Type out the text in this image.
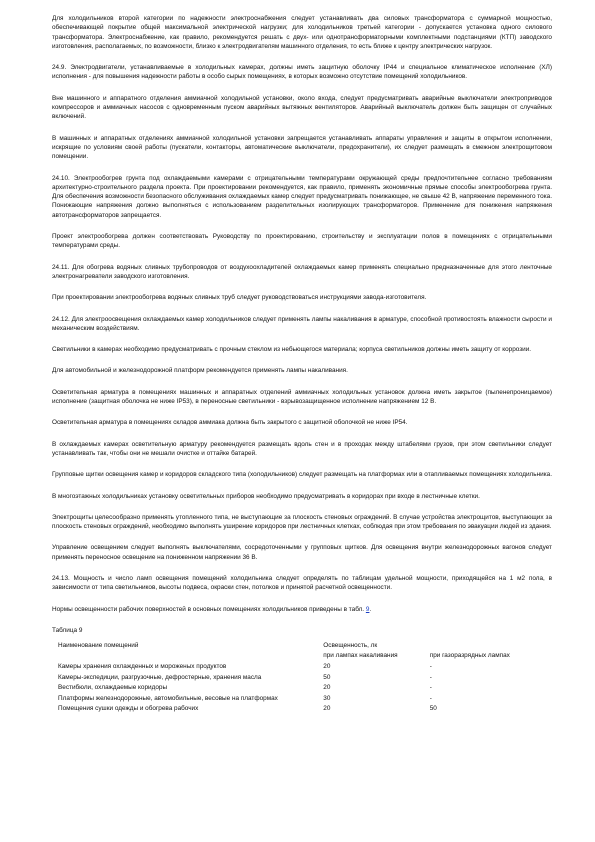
Для холодильников второй категории по надежности электроснабжения следует устанавливать два силовых трансформатора с суммарной мощностью, обеспечивающей покрытие общей максимальной электрической нагрузки; для холодильников третьей категории - допускается установка одного силового трансформатора. Электроснабжение, как правило, рекомендуется решать с двух- или однотрансформаторными комплектными подстанциями (КТП) заводского изготовления, располагаемых, по возможности, близко к электродвигателям машинного отделения, то есть ближе к центру электрических нагрузок.

24.9. Электродвигатели, устанавливаемые в холодильных камерах, должны иметь защитную оболочку IP44 и специальное климатическое исполнение (ХЛ) исполнения - для повышения надежности работы в особо сырых помещениях, в которых возможно отсутствие помещений холодильников.

Вне машинного и аппаратного отделения аммиачной холодильной установки, около входа, следует предусматривать аварийные выключатели электроприводов компрессоров и аммиачных насосов с одновременным пуском аварийных вытяжных вентиляторов. Аварийный выключатель должен быть защищен от случайных включений.

В машинных и аппаратных отделениях аммиачной холодильной установки запрещается устанавливать аппараты управления и защиты в открытом исполнении, искрящие по условиям своей работы (пускатели, контакторы, автоматические выключатели, предохранители), их следует размещать в смежном электрощитовом помещении.

24.10. Электрообогрев грунта под охлаждаемыми камерами с отрицательными температурами окружающей среды предпочтительнее согласно требованиям архитектурно-строительного раздела проекта. При проектировании рекомендуется, как правило, применять экономичные прямые способы электрообогрева грунта. Для обеспечения возможности безопасного обслуживания охлаждаемых камер следует предусматривать понижающее, не свыше 42 В, напряжение переменного тока. Понижающие напряжения должно выполняться с использованием разделительных изолирующих трансформаторов. Применение для понижения напряжения автотрансформаторов запрещается.

Проект электрообогрева должен соответствовать Руководству по проектированию, строительству и эксплуатации полов в помещениях с отрицательными температурами среды.

24.11. Для обогрева водяных сливных трубопроводов от воздухоохладителей охлаждаемых камер применять специально предназначенные для этого ленточные электронагреватели заводского изготовления.

При проектировании электрообогрева водяных сливных труб следует руководствоваться инструкциями завода-изготовителя.

24.12. Для электроосвещения охлаждаемых камер холодильников следует применять лампы накаливания в арматуре, способной противостоять влажности сырости и механическим воздействиям.

Светильники в камерах необходимо предусматривать с прочным стеклом из небьющегося материала; корпуса светильников должны иметь защиту от коррозии.

Для автомобильной и железнодорожной платформ рекомендуется применять лампы накаливания.

Осветительная арматура в помещениях машинных и аппаратных отделений аммиачных холодильных установок должна иметь закрытое (пыленепроницаемое) исполнение (защитная оболочка не ниже IP53), в переносные светильники - взрывозащищенное исполнение напряжением 12 В.

Осветительная арматура в помещениях складов аммиака должна быть закрытого с защитной оболочкой не ниже IP54.

В охлаждаемых камерах осветительную арматуру рекомендуется размещать вдоль стен и в проходах между штабелями грузов, при этом светильники следует устанавливать так, чтобы они не мешали очистке и оттайке батарей.

Групповые щитки освещения камер и коридоров складского типа (холодильников) следует размещать на платформах или в отапливаемых помещениях холодильника.

В многоэтажных холодильниках установку осветительных приборов необходимо предусматривать в коридорах при входе в лестничные клетки.

Электрощиты целесообразно применять утопленного типа, не выступающие за плоскость стеновых ограждений. В случае устройства электрощитов, выступающих за плоскость стеновых ограждений, необходимо выполнять уширение коридоров при лестничных клетках, соблюдая при этом требования по эвакуации людей из здания.

Управление освещением следует выполнять выключателями, сосредоточенными у групповых щитков. Для освещения внутри железнодорожных вагонов следует применять переносное освещение на пониженном напряжении 36 В.

24.13. Мощность и число ламп освещения помещений холодильника следует определять по таблицам удельной мощности, приходящейся на 1 м2 пола, в зависимости от типа светильников, высоты подвеса, окраски стен, потолков и принятой расчетной освещенности.

Нормы освещенности рабочих поверхностей в основных помещениях холодильников приведены в табл. 9.

Таблица 9
Наименование помещений	Освещенность, лк	
	при лампах накаливания	при газоразрядных лампах
Камеры хранения охлажденных и мороженых продуктов	20	-
Камеры-экспедиции, разгрузочные, дефростерные, хранения масла	50	-
Вестибюли, охлаждаемые коридоры	20	-
Платформы железнодорожные, автомобильные, весовые на платформах	30	-
Помещения сушки одежды и обогрева рабочих	20	50
